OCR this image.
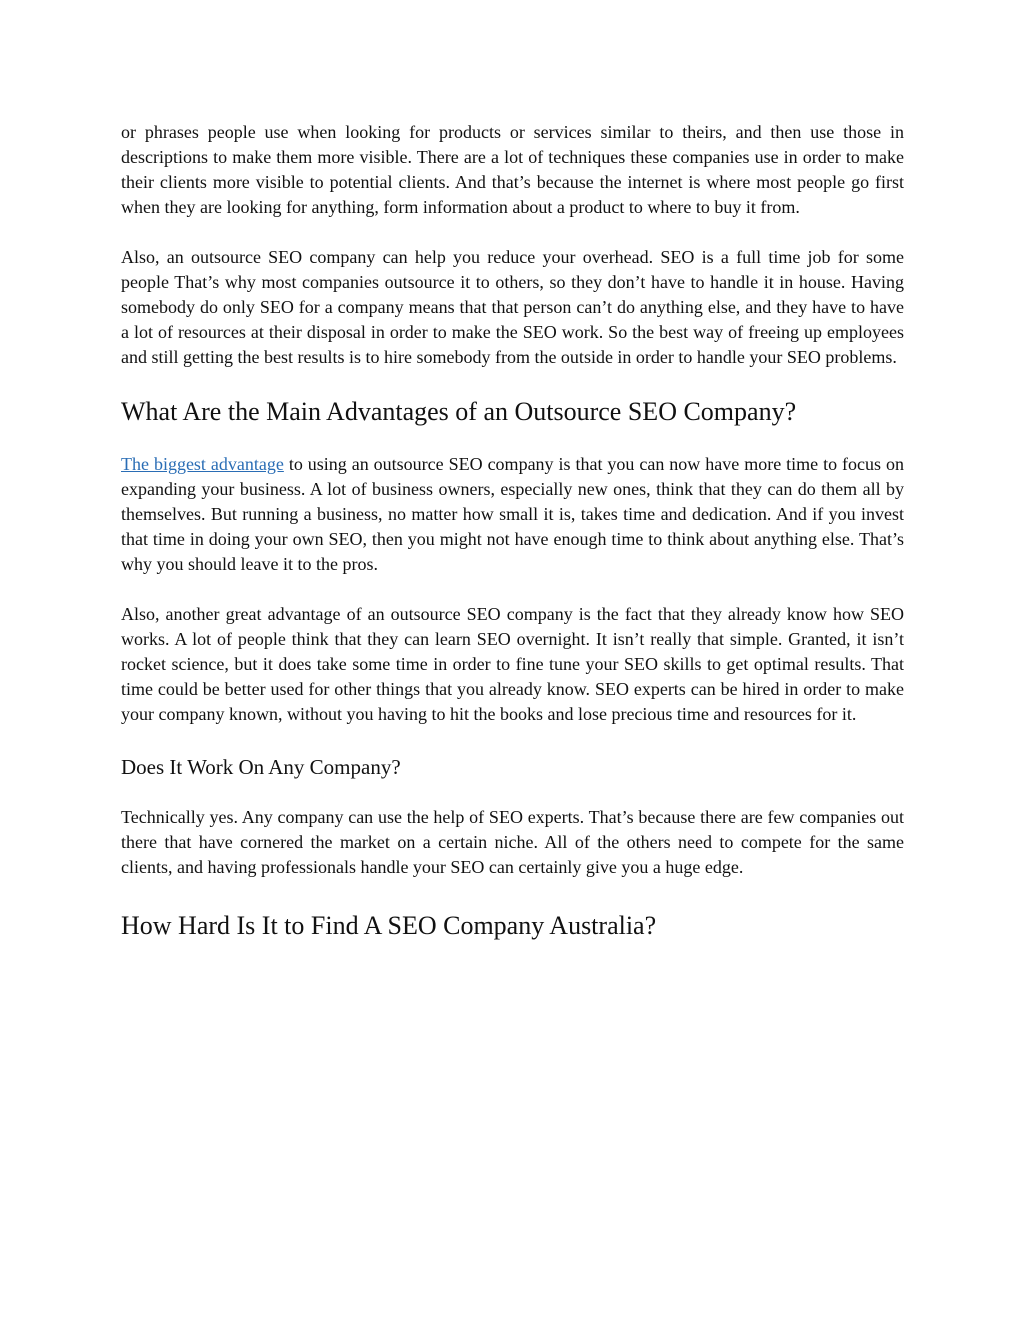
or phrases people use when looking for products or services similar to theirs, and then use those in descriptions to make them more visible. There are a lot of techniques these companies use in order to make their clients more visible to potential clients. And that’s because the internet is where most people go first when they are looking for anything, form information about a product to where to buy it from.

Also, an outsource SEO company can help you reduce your overhead. SEO is a full time job for some people That’s why most companies outsource it to others, so they don’t have to handle it in house. Having somebody do only SEO for a company means that that person can’t do anything else, and they have to have a lot of resources at their disposal in order to make the SEO work. So the best way of freeing up employees and still getting the best results is to hire somebody from the outside in order to handle your SEO problems.

What Are the Main Advantages of an Outsource SEO Company?

The biggest advantage to using an outsource SEO company is that you can now have more time to focus on expanding your business. A lot of business owners, especially new ones, think that they can do them all by themselves. But running a business, no matter how small it is, takes time and dedication. And if you invest that time in doing your own SEO, then you might not have enough time to think about anything else. That’s why you should leave it to the pros.

Also, another great advantage of an outsource SEO company is the fact that they already know how SEO works. A lot of people think that they can learn SEO overnight. It isn’t really that simple. Granted, it isn’t rocket science, but it does take some time in order to fine tune your SEO skills to get optimal results. That time could be better used for other things that you already know. SEO experts can be hired in order to make your company known, without you having to hit the books and lose precious time and resources for it.

Does It Work On Any Company?

Technically yes. Any company can use the help of SEO experts. That’s because there are few companies out there that have cornered the market on a certain niche. All of the others need to compete for the same clients, and having professionals handle your SEO can certainly give you a huge edge.

How Hard Is It to Find A SEO Company Australia?
